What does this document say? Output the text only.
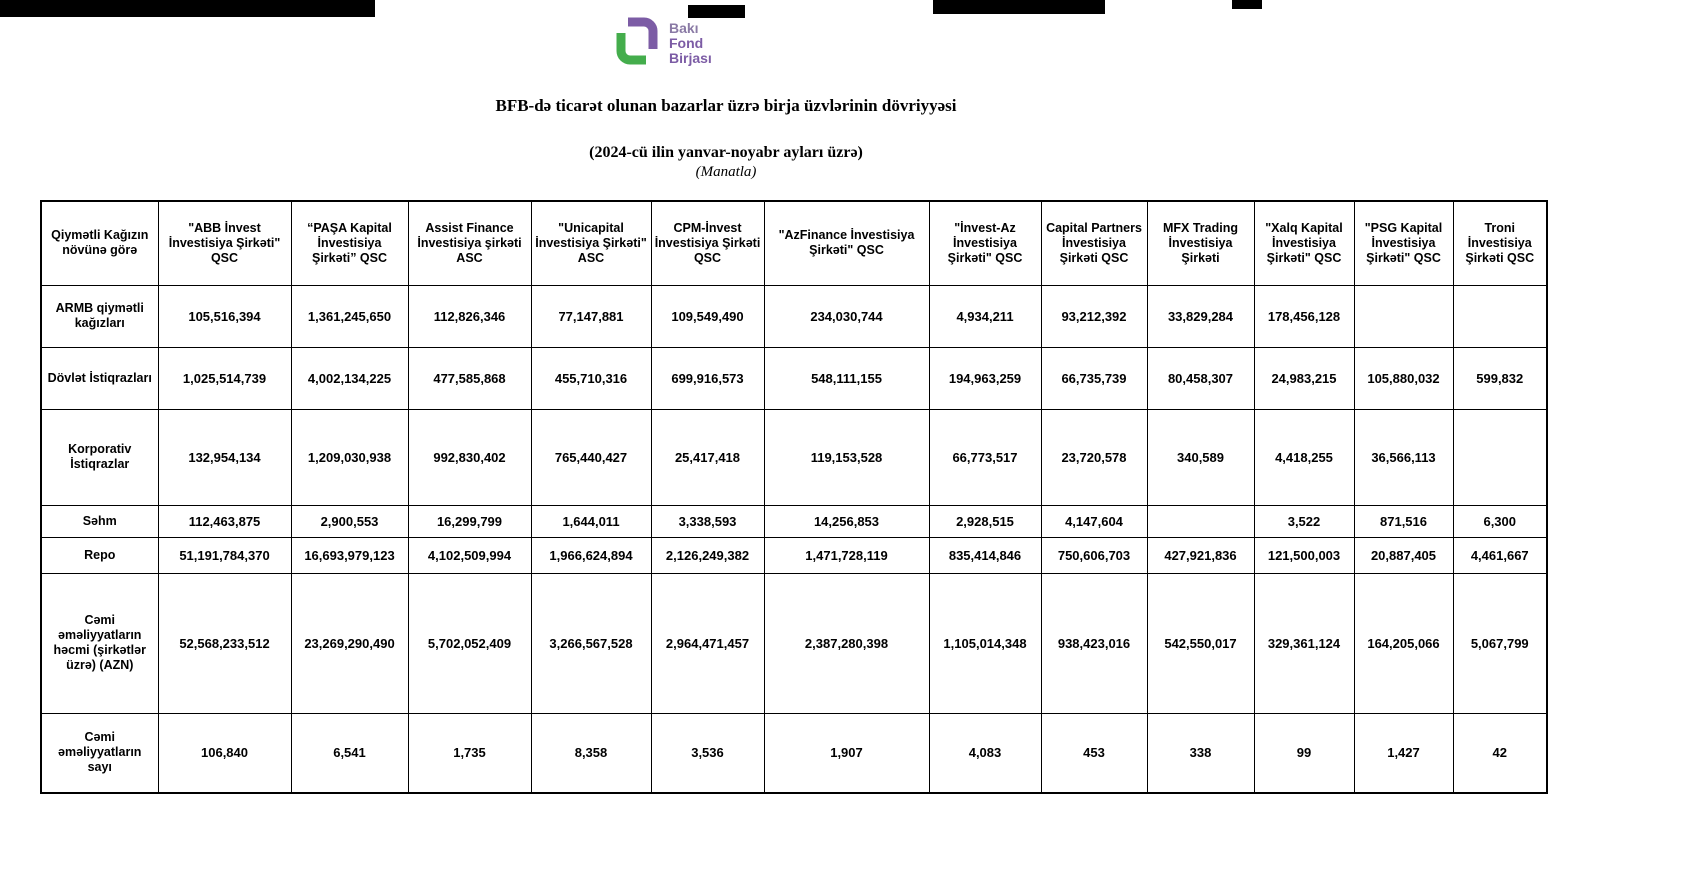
Bakı
Fond
Birjası

BFB-də ticarət olunan bazarlar üzrə birja üzvlərinin dövriyyəsi

(2024-cü ilin yanvar-noyabr ayları üzrə)

(Manatla)

Qiymətli Kağızın növünə görə	"ABB İnvest İnvestisiya Şirkəti" QSC	“PAŞA Kapital İnvestisiya Şirkəti” QSC	Assist Finance İnvestisiya şirkəti ASC	"Unicapital İnvestisiya Şirkəti" ASC	CPM-İnvest İnvestisiya Şirkəti QSC	"AzFinance İnvestisiya Şirkəti" QSC	"İnvest-Az İnvestisiya Şirkəti" QSC	Capital Partners İnvestisiya Şirkəti QSC	MFX Trading İnvestisiya Şirkəti	"Xalq Kapital İnvestisiya Şirkəti" QSC	"PSG Kapital İnvestisiya Şirkəti" QSC	Troni İnvestisiya Şirkəti QSC
ARMB qiymətli kağızları	105,516,394	1,361,245,650	112,826,346	77,147,881	109,549,490	234,030,744	4,934,211	93,212,392	33,829,284	178,456,128		
Dövlət İstiqrazları	1,025,514,739	4,002,134,225	477,585,868	455,710,316	699,916,573	548,111,155	194,963,259	66,735,739	80,458,307	24,983,215	105,880,032	599,832
Korporativ İstiqrazlar	132,954,134	1,209,030,938	992,830,402	765,440,427	25,417,418	119,153,528	66,773,517	23,720,578	340,589	4,418,255	36,566,113	
Səhm	112,463,875	2,900,553	16,299,799	1,644,011	3,338,593	14,256,853	2,928,515	4,147,604		3,522	871,516	6,300
Repo	51,191,784,370	16,693,979,123	4,102,509,994	1,966,624,894	2,126,249,382	1,471,728,119	835,414,846	750,606,703	427,921,836	121,500,003	20,887,405	4,461,667
Cəmi əməliyyatların həcmi (şirkətlər üzrə) (AZN)	52,568,233,512	23,269,290,490	5,702,052,409	3,266,567,528	2,964,471,457	2,387,280,398	1,105,014,348	938,423,016	542,550,017	329,361,124	164,205,066	5,067,799
Cəmi əməliyyatların sayı	106,840	6,541	1,735	8,358	3,536	1,907	4,083	453	338	99	1,427	42
